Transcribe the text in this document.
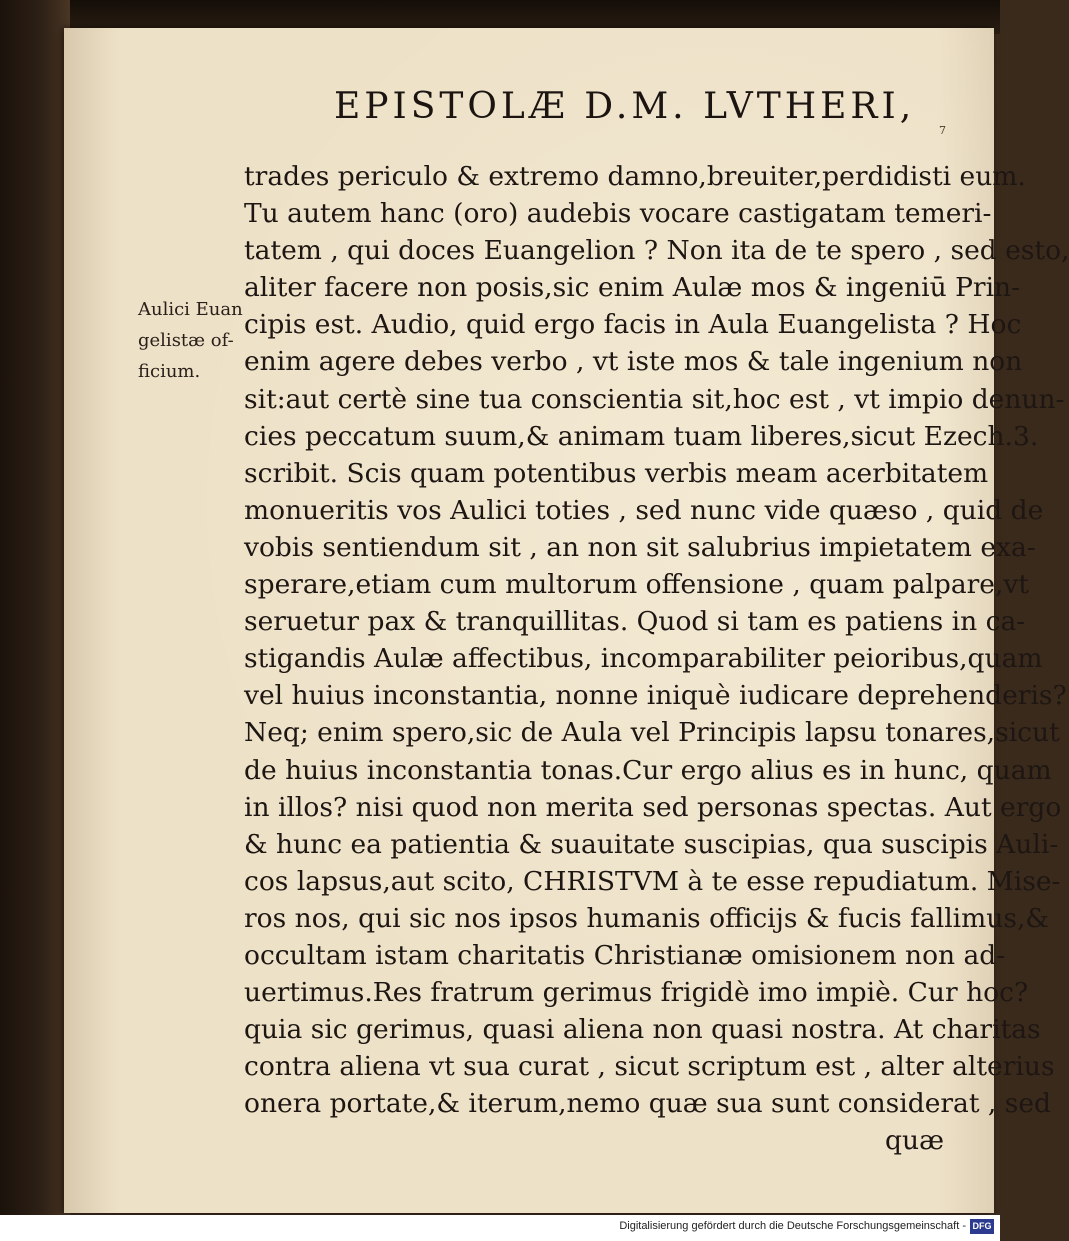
EPISTOLÆ D.M. LVTHERI,
7
Aulici Euan
gelistæ of-
ficium.
trades periculo & extremo damno,breuiter,perdidisti eum.
Tu autem hanc (oro) audebis vocare castigatam temeri-
tatem , qui doces Euangelion ? Non ita de te spero , sed esto,
aliter facere non posis,sic enim Aulæ mos & ingeniū Prin-
cipis est. Audio, quid ergo facis in Aula Euangelista ? Hoc
enim agere debes verbo , vt iste mos & tale ingenium non
sit:aut certè sine tua conscientia sit,hoc est , vt impio denun-
cies peccatum suum,& animam tuam liberes,sicut Ezech.3.
scribit. Scis quam potentibus verbis meam acerbitatem
monueritis vos Aulici toties , sed nunc vide quæso , quid de
vobis sentiendum sit , an non sit salubrius impietatem exa-
sperare,etiam cum multorum offensione , quam palpare,vt
seruetur pax & tranquillitas. Quod si tam es patiens in ca-
stigandis Aulæ affectibus, incomparabiliter peioribus,quam
vel huius inconstantia, nonne iniquè iudicare deprehenderis?
Neq; enim spero,sic de Aula vel Principis lapsu tonares,sicut
de huius inconstantia tonas.Cur ergo alius es in hunc, quam
in illos? nisi quod non merita sed personas spectas. Aut ergo
& hunc ea patientia & suauitate suscipias, qua suscipis Auli-
cos lapsus,aut scito, CHRISTVM à te esse repudiatum. Mise-
ros nos, qui sic nos ipsos humanis officijs & fucis fallimus,&
occultam istam charitatis Christianæ omisionem non ad-
uertimus.Res fratrum gerimus frigidè imo impiè. Cur hoc?
quia sic gerimus, quasi aliena non quasi nostra. At charitas
contra aliena vt sua curat , sicut scriptum est , alter alterius
onera portate,& iterum,nemo quæ sua sunt considerat , sed
quæ
Digitalisierung gefördert durch die Deutsche Forschungsgemeinschaft - DFG
